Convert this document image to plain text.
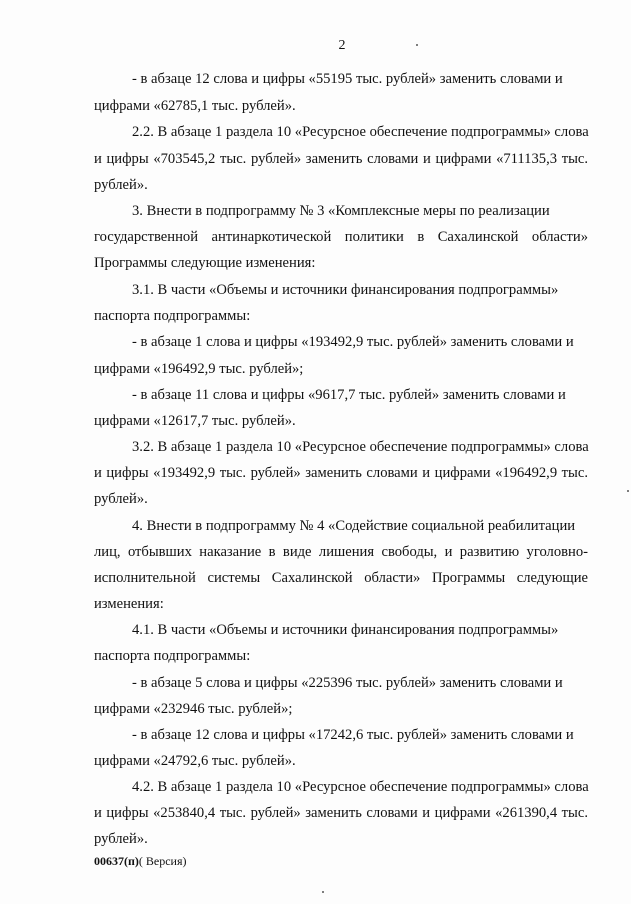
2
- в абзаце 12 слова и цифры «55195 тыс. рублей» заменить словами и
цифрами «62785,1 тыс. рублей».
2.2. В абзаце 1 раздела 10 «Ресурсное обеспечение подпрограммы» слова
и цифры «703545,2 тыс. рублей» заменить словами и цифрами «711135,3 тыс.
рублей».
3. Внести в подпрограмму № 3 «Комплексные меры по реализации
государственной антинаркотической политики в Сахалинской области»
Программы следующие изменения:
3.1. В части «Объемы и источники финансирования подпрограммы»
паспорта подпрограммы:
- в абзаце 1 слова и цифры «193492,9 тыс. рублей» заменить словами и
цифрами «196492,9 тыс. рублей»;
- в абзаце 11 слова и цифры «9617,7 тыс. рублей» заменить словами и
цифрами «12617,7 тыс. рублей».
3.2. В абзаце 1 раздела 10 «Ресурсное обеспечение подпрограммы» слова
и цифры «193492,9 тыс. рублей» заменить словами и цифрами «196492,9 тыс.
рублей».
4. Внести в подпрограмму № 4 «Содействие социальной реабилитации
лиц, отбывших наказание в виде лишения свободы, и развитию уголовно-
исполнительной системы Сахалинской области» Программы следующие
изменения:
4.1. В части «Объемы и источники финансирования подпрограммы»
паспорта подпрограммы:
- в абзаце 5 слова и цифры «225396 тыс. рублей» заменить словами и
цифрами «232946 тыс. рублей»;
- в абзаце 12 слова и цифры «17242,6 тыс. рублей» заменить словами и
цифрами «24792,6 тыс. рублей».
4.2. В абзаце 1 раздела 10 «Ресурсное обеспечение подпрограммы» слова
и цифры «253840,4 тыс. рублей» заменить словами и цифрами «261390,4 тыс.
рублей».
00637(п)( Версия)
